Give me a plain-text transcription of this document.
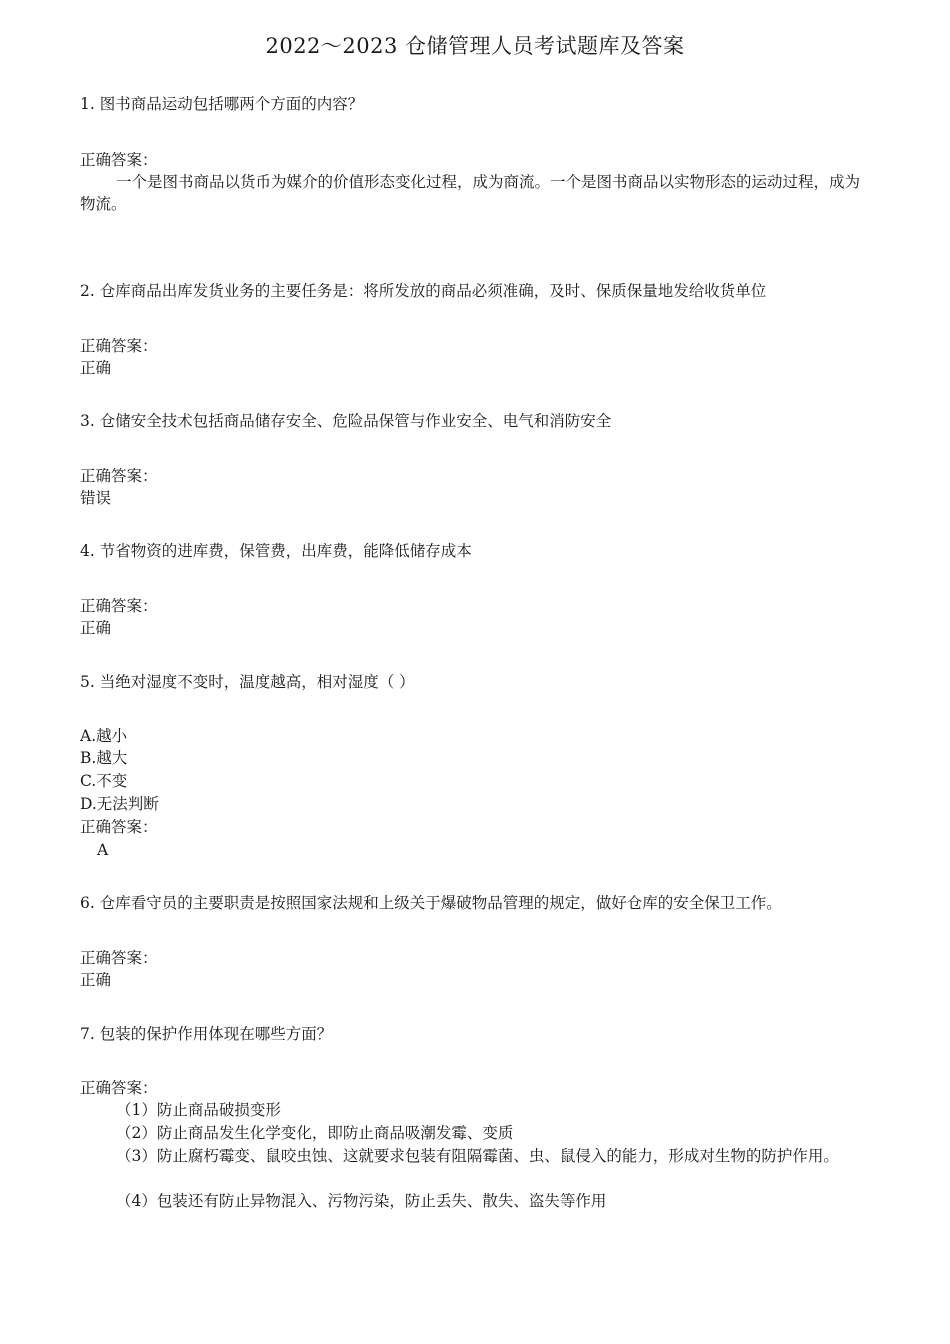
2022～2023 仓储管理人员考试题库及答案
1. 图书商品运动包括哪两个方面的内容？
正确答案：
一个是图书商品以货币为媒介的价值形态变化过程，成为商流。一个是图书商品以实物形态的运动过程，成为物流。
2. 仓库商品出库发货业务的主要任务是：将所发放的商品必须准确，及时、保质保量地发给收货单位
正确答案：
正确
3. 仓储安全技术包括商品储存安全、危险品保管与作业安全、电气和消防安全
正确答案：
错误
4. 节省物资的进库费，保管费，出库费，能降低储存成本
正确答案：
正确
5. 当绝对湿度不变时，温度越高，相对湿度（ ）
A.越小
B.越大
C.不变
D.无法判断
正确答案：
A
6. 仓库看守员的主要职责是按照国家法规和上级关于爆破物品管理的规定，做好仓库的安全保卫工作。
正确答案：
正确
7. 包装的保护作用体现在哪些方面？
正确答案：
（1）防止商品破损变形
（2）防止商品发生化学变化，即防止商品吸潮发霉、变质
（3）防止腐朽霉变、鼠咬虫蚀、这就要求包装有阻隔霉菌、虫、鼠侵入的能力，形成对生物的防护作用。
（4）包装还有防止异物混入、污物污染，防止丢失、散失、盗失等作用
